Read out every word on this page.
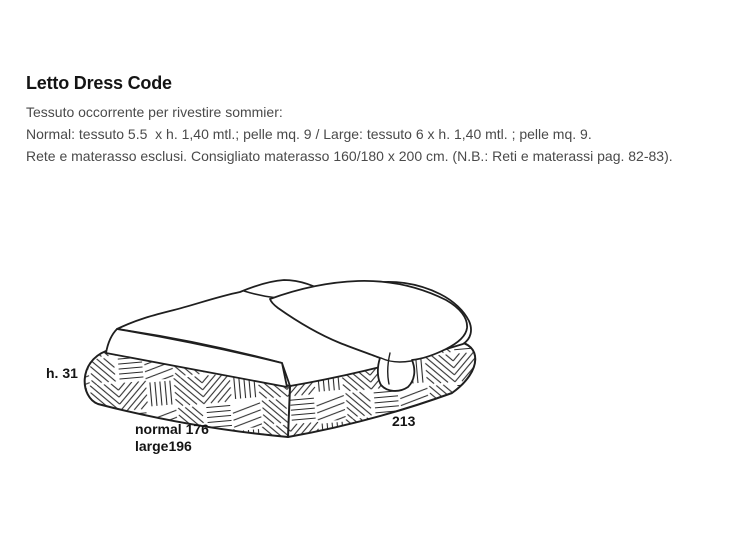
Letto Dress Code
Tessuto occorrente per rivestire sommier:
Normal: tessuto 5.5  x h. 1,40 mtl.; pelle mq. 9 / Large: tessuto 6 x h. 1,40 mtl. ; pelle mq. 9.
Rete e materasso esclusi. Consigliato materasso 160/180 x 200 cm. (N.B.: Reti e materassi pag. 82-83).
h. 31
normal 176
large196
213
